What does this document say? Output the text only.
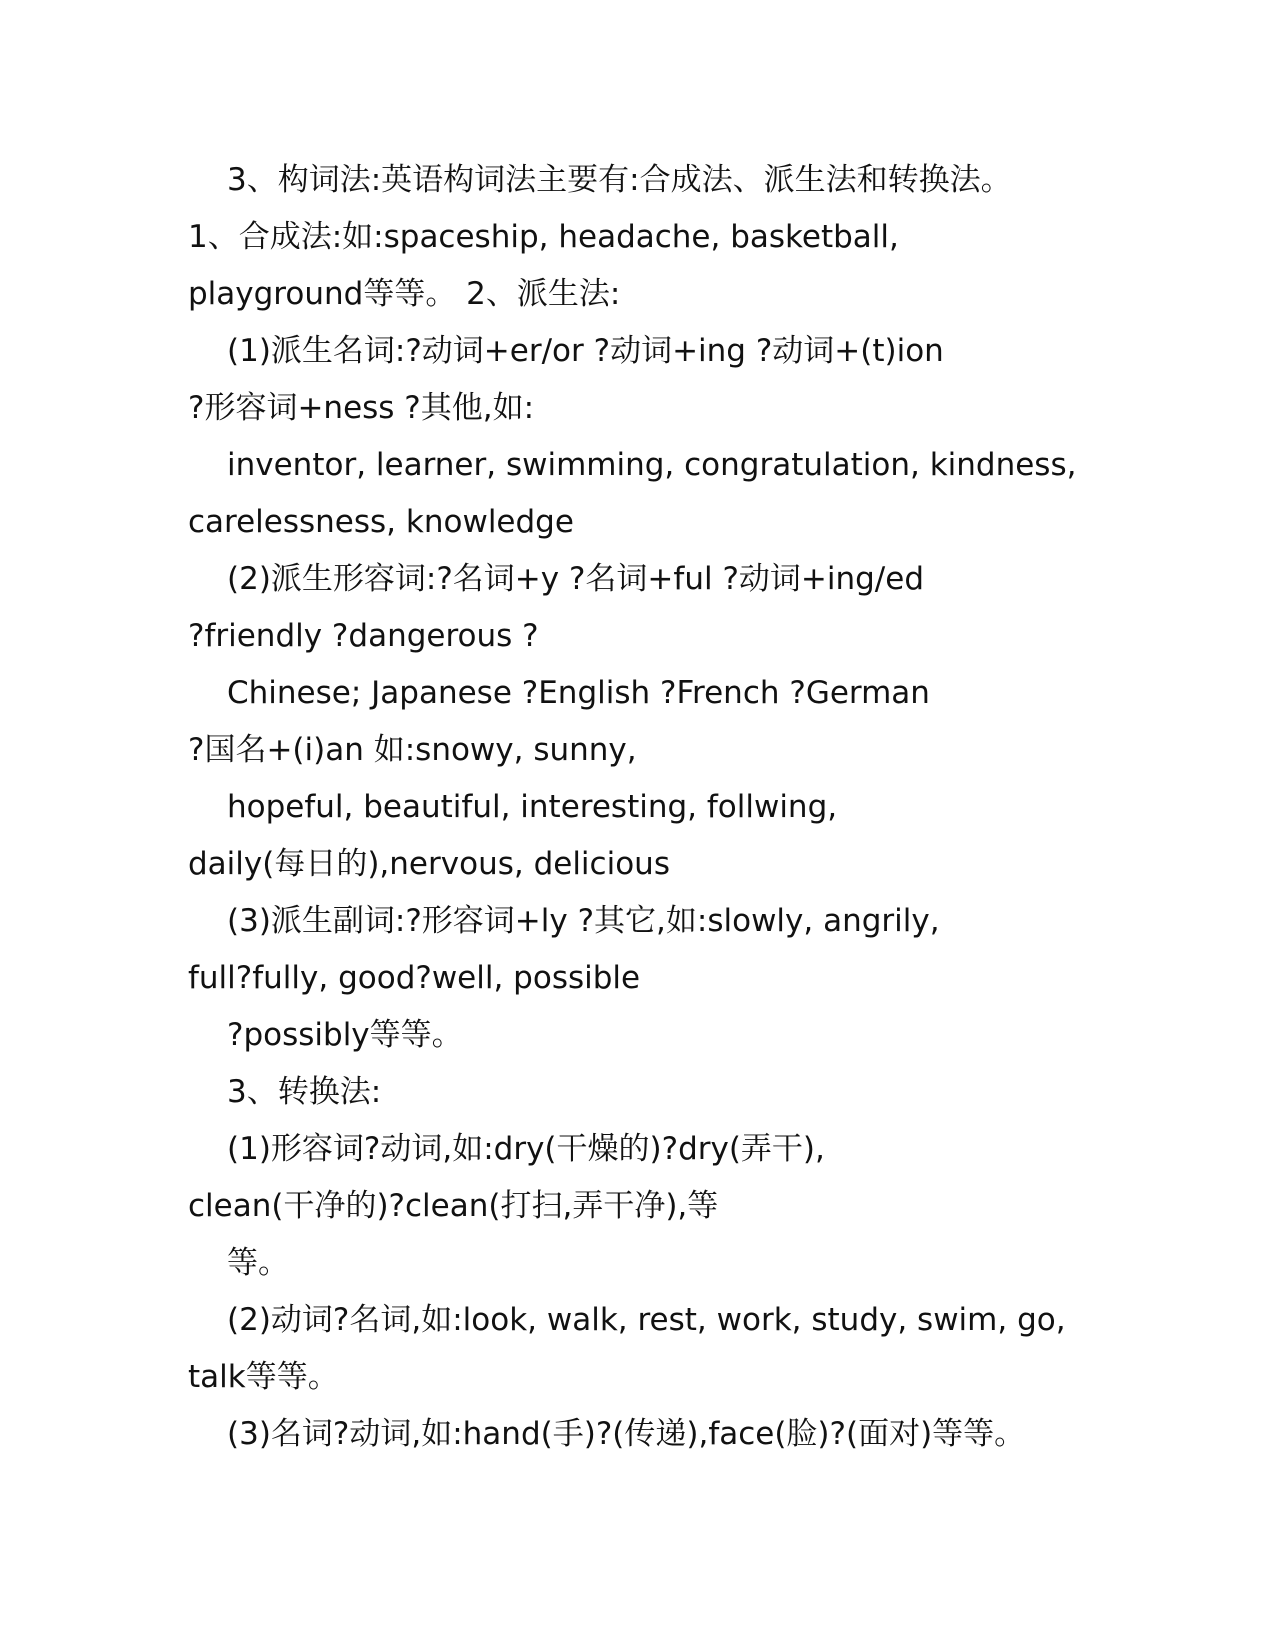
3、构词法:英语构词法主要有:合成法、派生法和转换法。
1、合成法:如:spaceship, headache, basketball,
playground等等。 2、派生法:
(1)派生名词:?动词+er/or ?动词+ing ?动词+(t)ion
?形容词+ness ?其他,如:
inventor, learner, swimming, congratulation, kindness,
carelessness, knowledge
(2)派生形容词:?名词+y ?名词+ful ?动词+ing/ed
?friendly ?dangerous ?
Chinese; Japanese ?English ?French ?German
?国名+(i)an 如:snowy, sunny,
hopeful, beautiful, interesting, follwing,
daily(每日的),nervous, delicious
(3)派生副词:?形容词+ly ?其它,如:slowly, angrily,
full?fully, good?well, possible
?possibly等等。
3、转换法:
(1)形容词?动词,如:dry(干燥的)?dry(弄干),
clean(干净的)?clean(打扫,弄干净),等
等。
(2)动词?名词,如:look, walk, rest, work, study, swim, go,
talk等等。
(3)名词?动词,如:hand(手)?(传递),face(脸)?(面对)等等。
